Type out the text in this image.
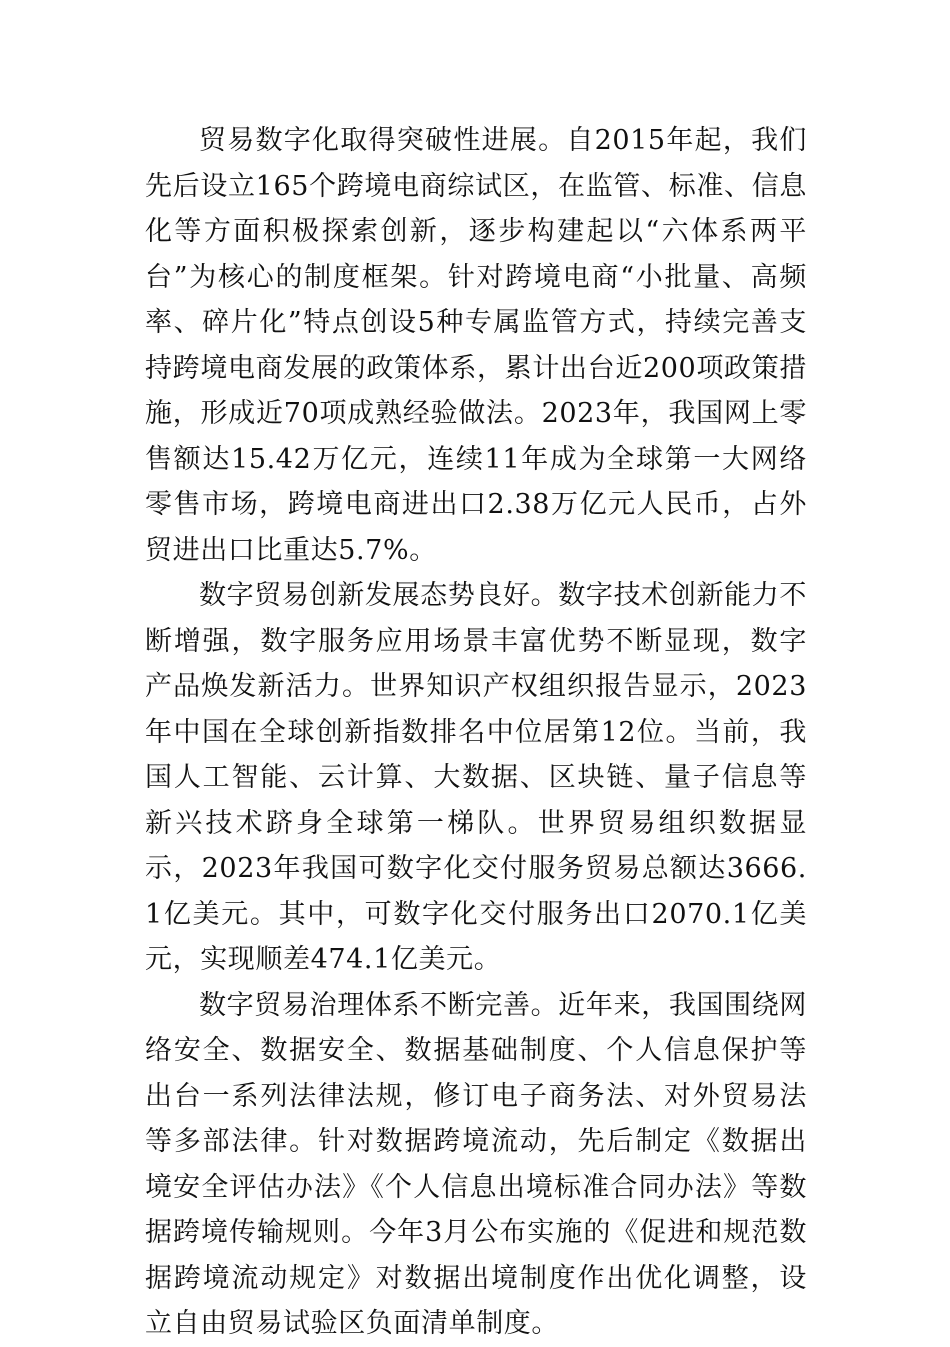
贸易数字化取得突破性进展。自2015年起，我们先后设立165个跨境电商综试区，在监管、标准、信息化等方面积极探索创新，逐步构建起以“六体系两平台”为核心的制度框架。针对跨境电商“小批量、高频率、碎片化”特点创设5种专属监管方式，持续完善支持跨境电商发展的政策体系，累计出台近200项政策措施，形成近70项成熟经验做法。2023年，我国网上零售额达15.42万亿元，连续11年成为全球第一大网络零售市场，跨境电商进出口2.38万亿元人民币，占外贸进出口比重达5.7%。

数字贸易创新发展态势良好。数字技术创新能力不断增强，数字服务应用场景丰富优势不断显现，数字产品焕发新活力。世界知识产权组织报告显示，2023年中国在全球创新指数排名中位居第12位。当前，我国人工智能、云计算、大数据、区块链、量子信息等新兴技术跻身全球第一梯队。世界贸易组织数据显示，2023年我国可数字化交付服务贸易总额达3666.1亿美元。其中，可数字化交付服务出口2070.1亿美元，实现顺差474.1亿美元。

数字贸易治理体系不断完善。近年来，我国围绕网络安全、数据安全、数据基础制度、个人信息保护等出台一系列法律法规，修订电子商务法、对外贸易法等多部法律。针对数据跨境流动，先后制定《数据出境安全评估办法》《个人信息出境标准合同办法》等数据跨境传输规则。今年3月公布实施的《促进和规范数据跨境流动规定》对数据出境制度作出优化调整，设立自由贸易试验区负面清单制度。
